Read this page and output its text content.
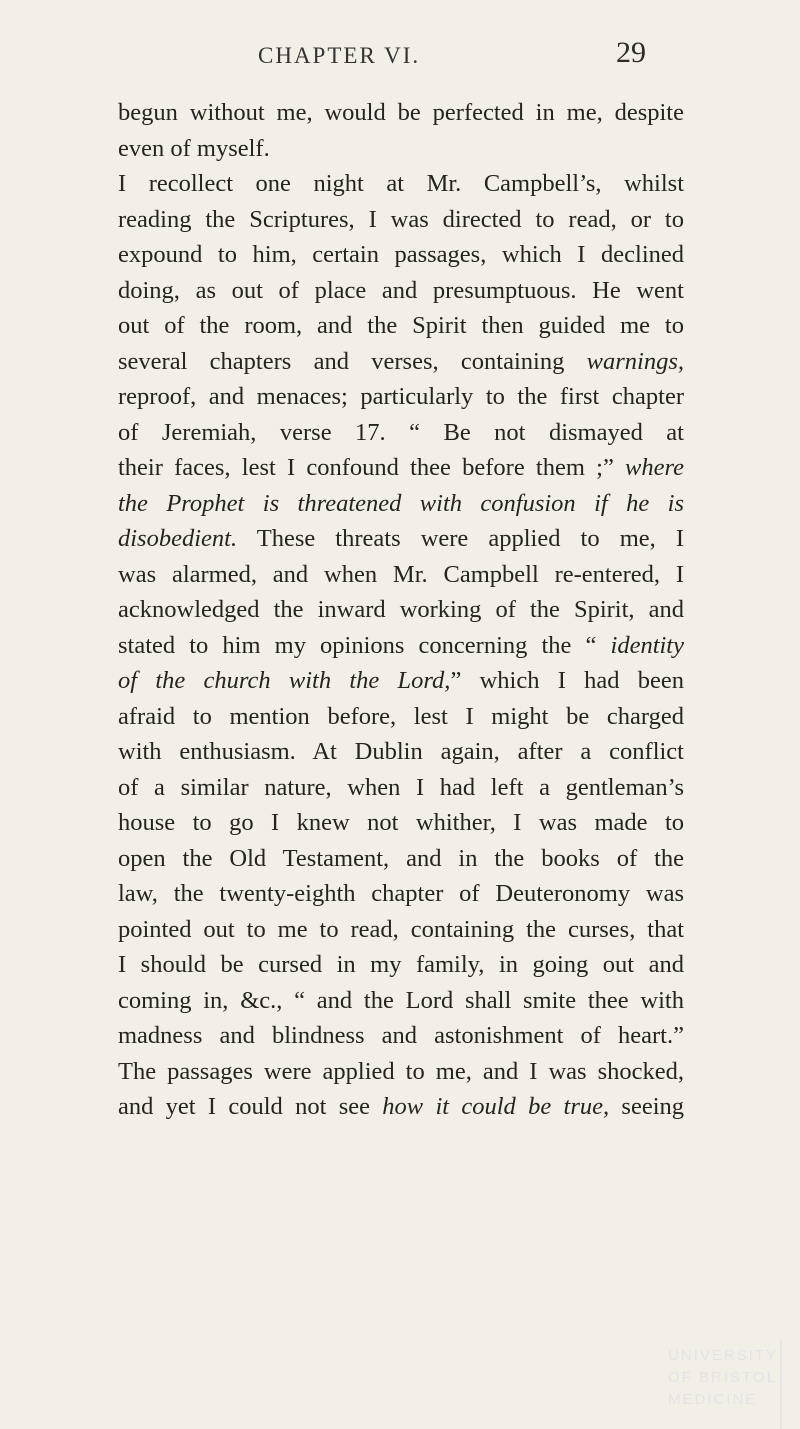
CHAPTER VI.	29
begun without me, would be perfected in me, despite
even of myself.
I recollect one night at Mr. Campbell’s, whilst
reading the Scriptures, I was directed to read, or to
expound to him, certain passages, which I declined
doing, as out of place and presumptuous. He went
out of the room, and the Spirit then guided me to
several chapters and verses, containing warnings,
reproof, and menaces; particularly to the first chapter
of Jeremiah, verse 17. “ Be not dismayed at
their faces, lest I confound thee before them ;” where
the Prophet is threatened with confusion if he is
disobedient. These threats were applied to me, I
was alarmed, and when Mr. Campbell re-entered, I
acknowledged the inward working of the Spirit, and
stated to him my opinions concerning the “ identity
of the church with the Lord,” which I had been
afraid to mention before, lest I might be charged
with enthusiasm. At Dublin again, after a conflict
of a similar nature, when I had left a gentleman’s
house to go I knew not whither, I was made to
open the Old Testament, and in the books of the
law, the twenty-eighth chapter of Deuteronomy was
pointed out to me to read, containing the curses, that
I should be cursed in my family, in going out and
coming in, &c., “ and the Lord shall smite thee with
madness and blindness and astonishment of heart.”
The passages were applied to me, and I was shocked,
and yet I could not see how it could be true, seeing
UNIVERSITY
OF BRISTOL
MEDICINE
